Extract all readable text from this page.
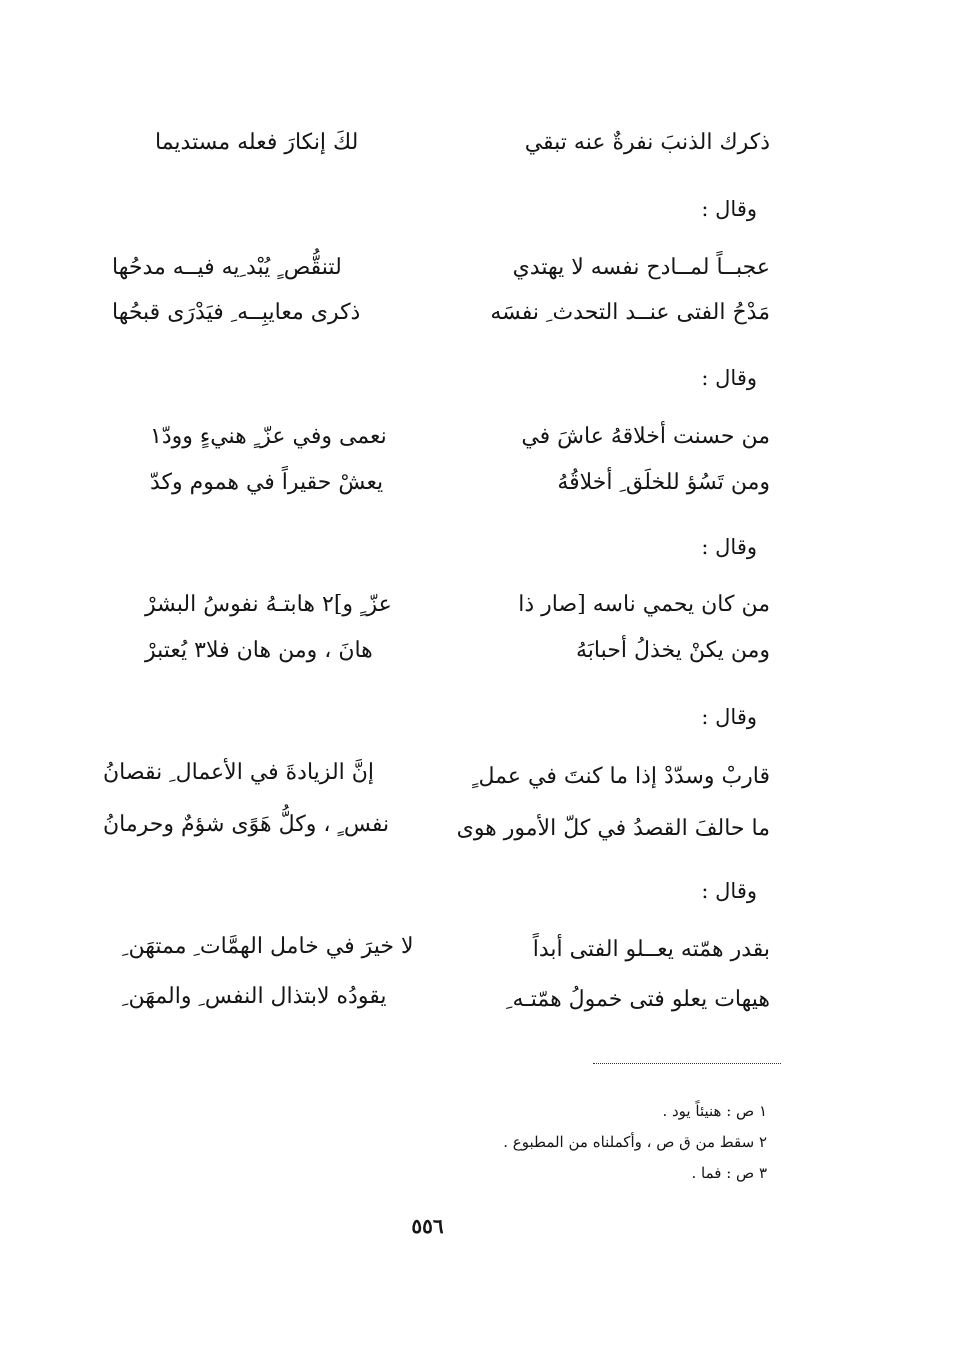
ذكرك الذنبَ نفرةٌ عنه تبقي
لكَ إنكارَ فعله مستديما
وقال :
عجبــاً لمــادح نفسه لا يهتدي
لتنقُّص ٍ يُبْد ِيه فيــه مدحُها
مَدْحُ الفتى عنــد التحدث ِ نفسَه
ذكرى معايبِــه ِ فيَدْرَى قبحُها
وقال :
من حسنت أخلاقهُ عاشَ في
نعمى وفي عزّ ٍ هنيءٍ وودّ١
ومن تَسُؤ للخلَق ِ أخلاقُهُ
يعشْ حقيراً في هموم وكدّ
وقال :
من كان يحمي ناسه [صار ذا
عزّ ٍ و]٢ هابتـهُ نفوسُ البشرْ
ومن يكنْ يخذلُ أحبابَهُ
هانَ ، ومن هان فلا٣ يُعتبرْ
وقال :
قاربْ وسدّدْ إذا ما كنتَ في عمل ٍ
إنَّ الزيادةَ في الأعمال ِ نقصانُ
ما حالفَ القصدُ في كلّ الأمور هوى
نفس ٍ ، وكلُّ هَوًى شؤمٌ وحرمانُ
وقال :
بقدر همّته يعــلو الفتى أبداً
لا خيرَ في خامل الهمَّات ِ ممتهَن ِ
هيهات يعلو فتى خمولُ همّتـه ِ
يقودُه لابتذال النفس ِ والمهَن ِ
١ ص : هنيئاً يود .
٢ سقط من ق ص ، وأكملناه من المطبوع .
٣ ص : فما .
٥٥٦
